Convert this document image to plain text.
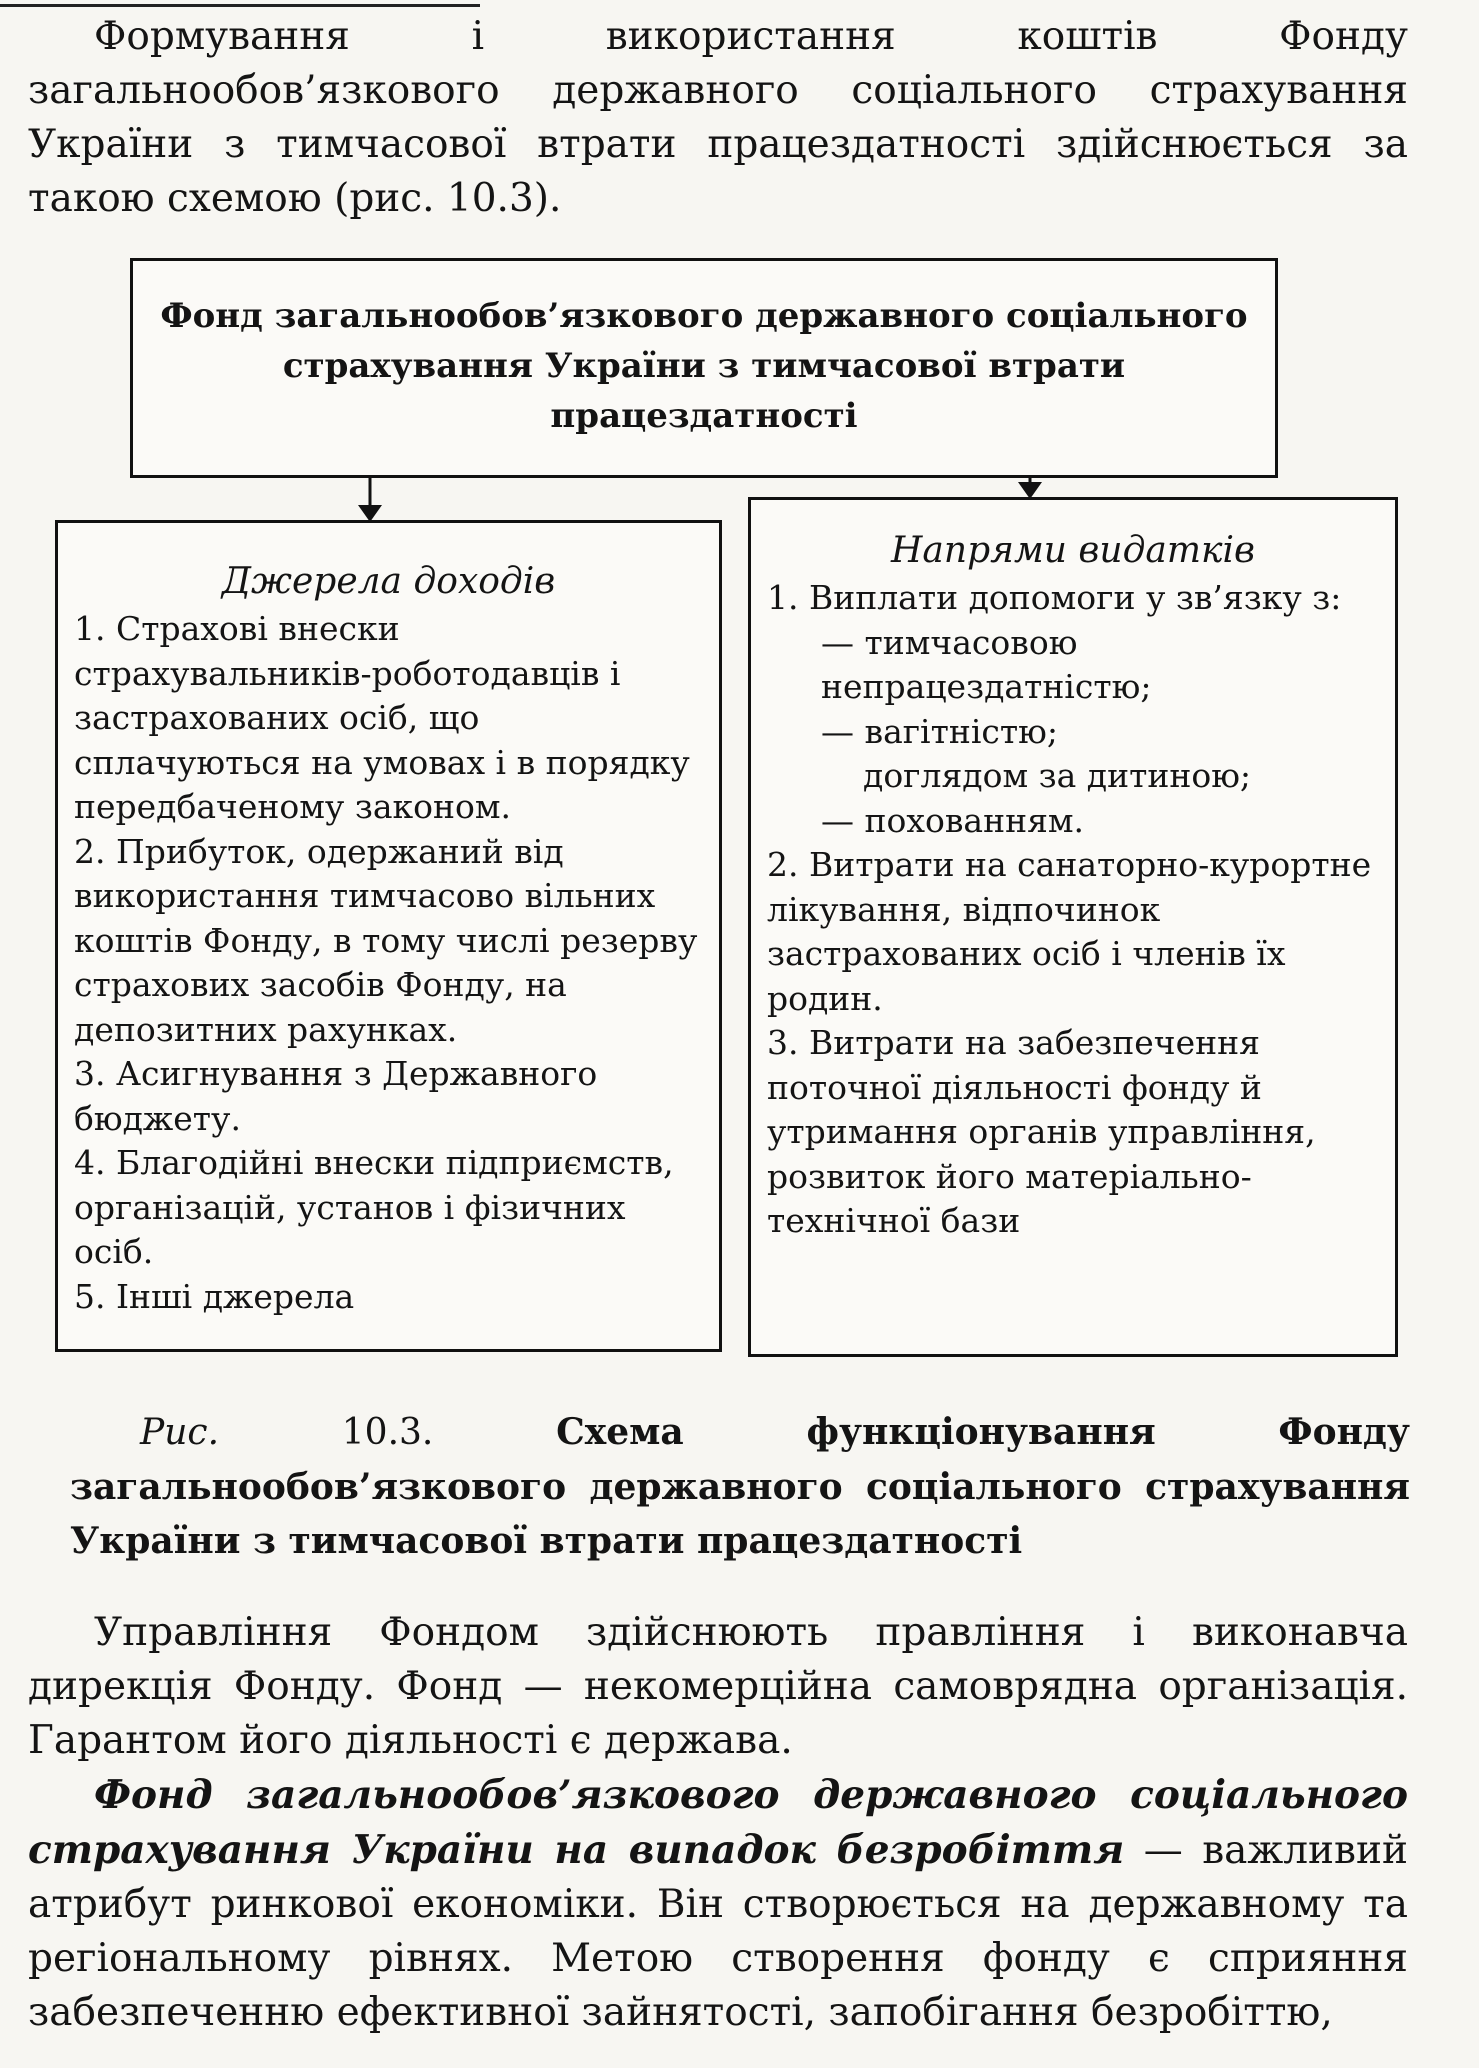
Формування і використання коштів Фонду загальнообов’язкового державного соціального страхування України з тимчасової втрати працездатності здійснюється за такою схемою (рис. 10.3).
Фонд загальнообов’язкового державного соціального страхування України з тимчасової втрати працездатності
Джерела доходів

1. Страхові внески страхувальників-роботодавців і застрахованих осіб, що сплачуються на умовах і в порядку передбаченому законом.

2. Прибуток, одержаний від використання тимчасово вільних коштів Фонду, в тому числі резерву страхових засобів Фонду, на депозитних рахунках.

3. Асигнування з Державного бюджету.

4. Благодійні внески підприємств, організацій, установ і фізичних осіб.

5. Інші джерела

Напрями видатків

1. Виплати допомоги у зв’язку з:

— тимчасовою непрацездатністю;

— вагітністю;

доглядом за дитиною;

— похованням.

2. Витрати на санаторно-курортне лікування, відпочинок застрахованих осіб і членів їх родин.

3. Витрати на забезпечення поточної діяльності фонду й утримання органів управління, розвиток його матеріально-технічної бази

Рис.	10.3.	Схема функціонування Фонду загальнообов’язкового державного соціального страхування України з тимчасової втрати працездатності
Управління Фондом здійснюють правління і виконавча дирекція Фонду. Фонд — некомерційна самоврядна організація. Гарантом його діяльності є держава.
Фонд загальнообов’язкового державного соціального страхування України на випадок безробіття — важливий атрибут ринкової економіки. Він створюється на державному та регіональному рівнях. Метою створення фонду є сприяння забезпеченню ефективної зайнятості, запобігання безробіттю,
